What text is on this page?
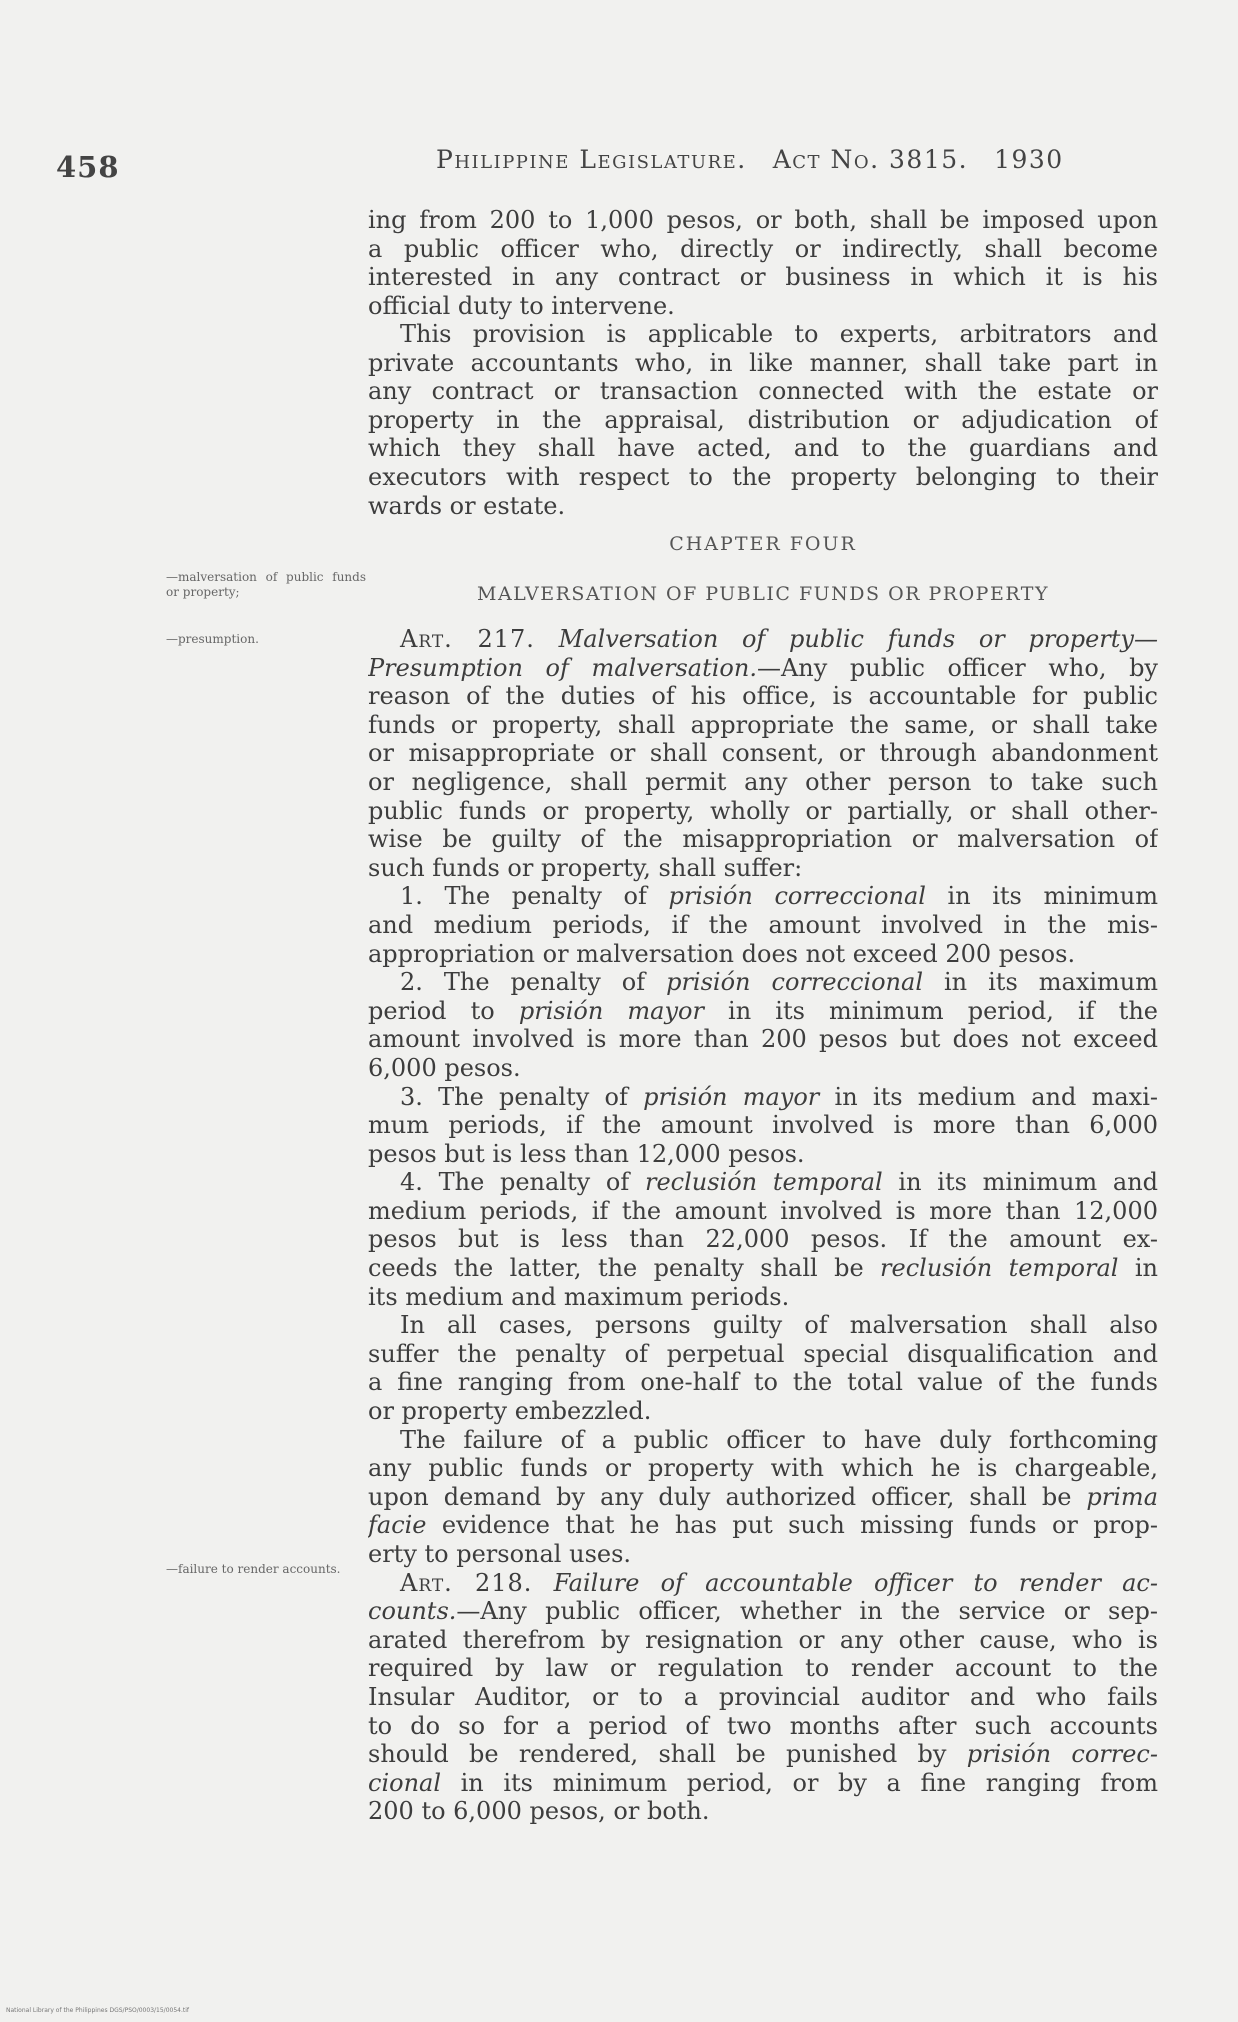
458	Philippine Legislature. Act No. 3815. 1930
ing from 200 to 1,000 pesos, or both, shall be imposed upon
a public officer who, directly or indirectly, shall become
interested in any contract or business in which it is his
official duty to intervene.
This provision is applicable to experts, arbitrators and
private accountants who, in like manner, shall take part in
any contract or transaction connected with the estate or
property in the appraisal, distribution or adjudication of
which they shall have acted, and to the guardians and
executors with respect to the property belonging to their
wards or estate.
CHAPTER FOUR
—malversation of public funds or property;	MALVERSATION OF PUBLIC FUNDS OR PROPERTY
—presumption.	Art. 217. Malversation of public funds or property—
Presumption of malversation.—Any public officer who, by
reason of the duties of his office, is accountable for public
funds or property, shall appropriate the same, or shall take
or misappropriate or shall consent, or through abandonment
or negligence, shall permit any other person to take such
public funds or property, wholly or partially, or shall other-
wise be guilty of the misappropriation or malversation of
such funds or property, shall suffer:
1. The penalty of prisión correccional in its minimum
and medium periods, if the amount involved in the mis-
appropriation or malversation does not exceed 200 pesos.
2. The penalty of prisión correccional in its maximum
period to prisión mayor in its minimum period, if the
amount involved is more than 200 pesos but does not exceed
6,000 pesos.
3. The penalty of prisión mayor in its medium and maxi-
mum periods, if the amount involved is more than 6,000
pesos but is less than 12,000 pesos.
4. The penalty of reclusión temporal in its minimum and
medium periods, if the amount involved is more than 12,000
pesos but is less than 22,000 pesos. If the amount ex-
ceeds the latter, the penalty shall be reclusión temporal in
its medium and maximum periods.
In all cases, persons guilty of malversation shall also
suffer the penalty of perpetual special disqualification and
a fine ranging from one-half to the total value of the funds
or property embezzled.
The failure of a public officer to have duly forthcoming
any public funds or property with which he is chargeable,
upon demand by any duly authorized officer, shall be prima
facie evidence that he has put such missing funds or prop-
erty to personal uses.
Art. 218. Failure of accountable officer to render ac-
counts.—Any public officer, whether in the service or sep-
arated therefrom by resignation or any other cause, who is
required by law or regulation to render account to the
Insular Auditor, or to a provincial auditor and who fails
to do so for a period of two months after such accounts
should be rendered, shall be punished by prisión correc-
cional in its minimum period, or by a fine ranging from
200 to 6,000 pesos, or both.
—failure to render accounts.
National Library of the Philippines DGS/PSO/0003/15/0054.tif
